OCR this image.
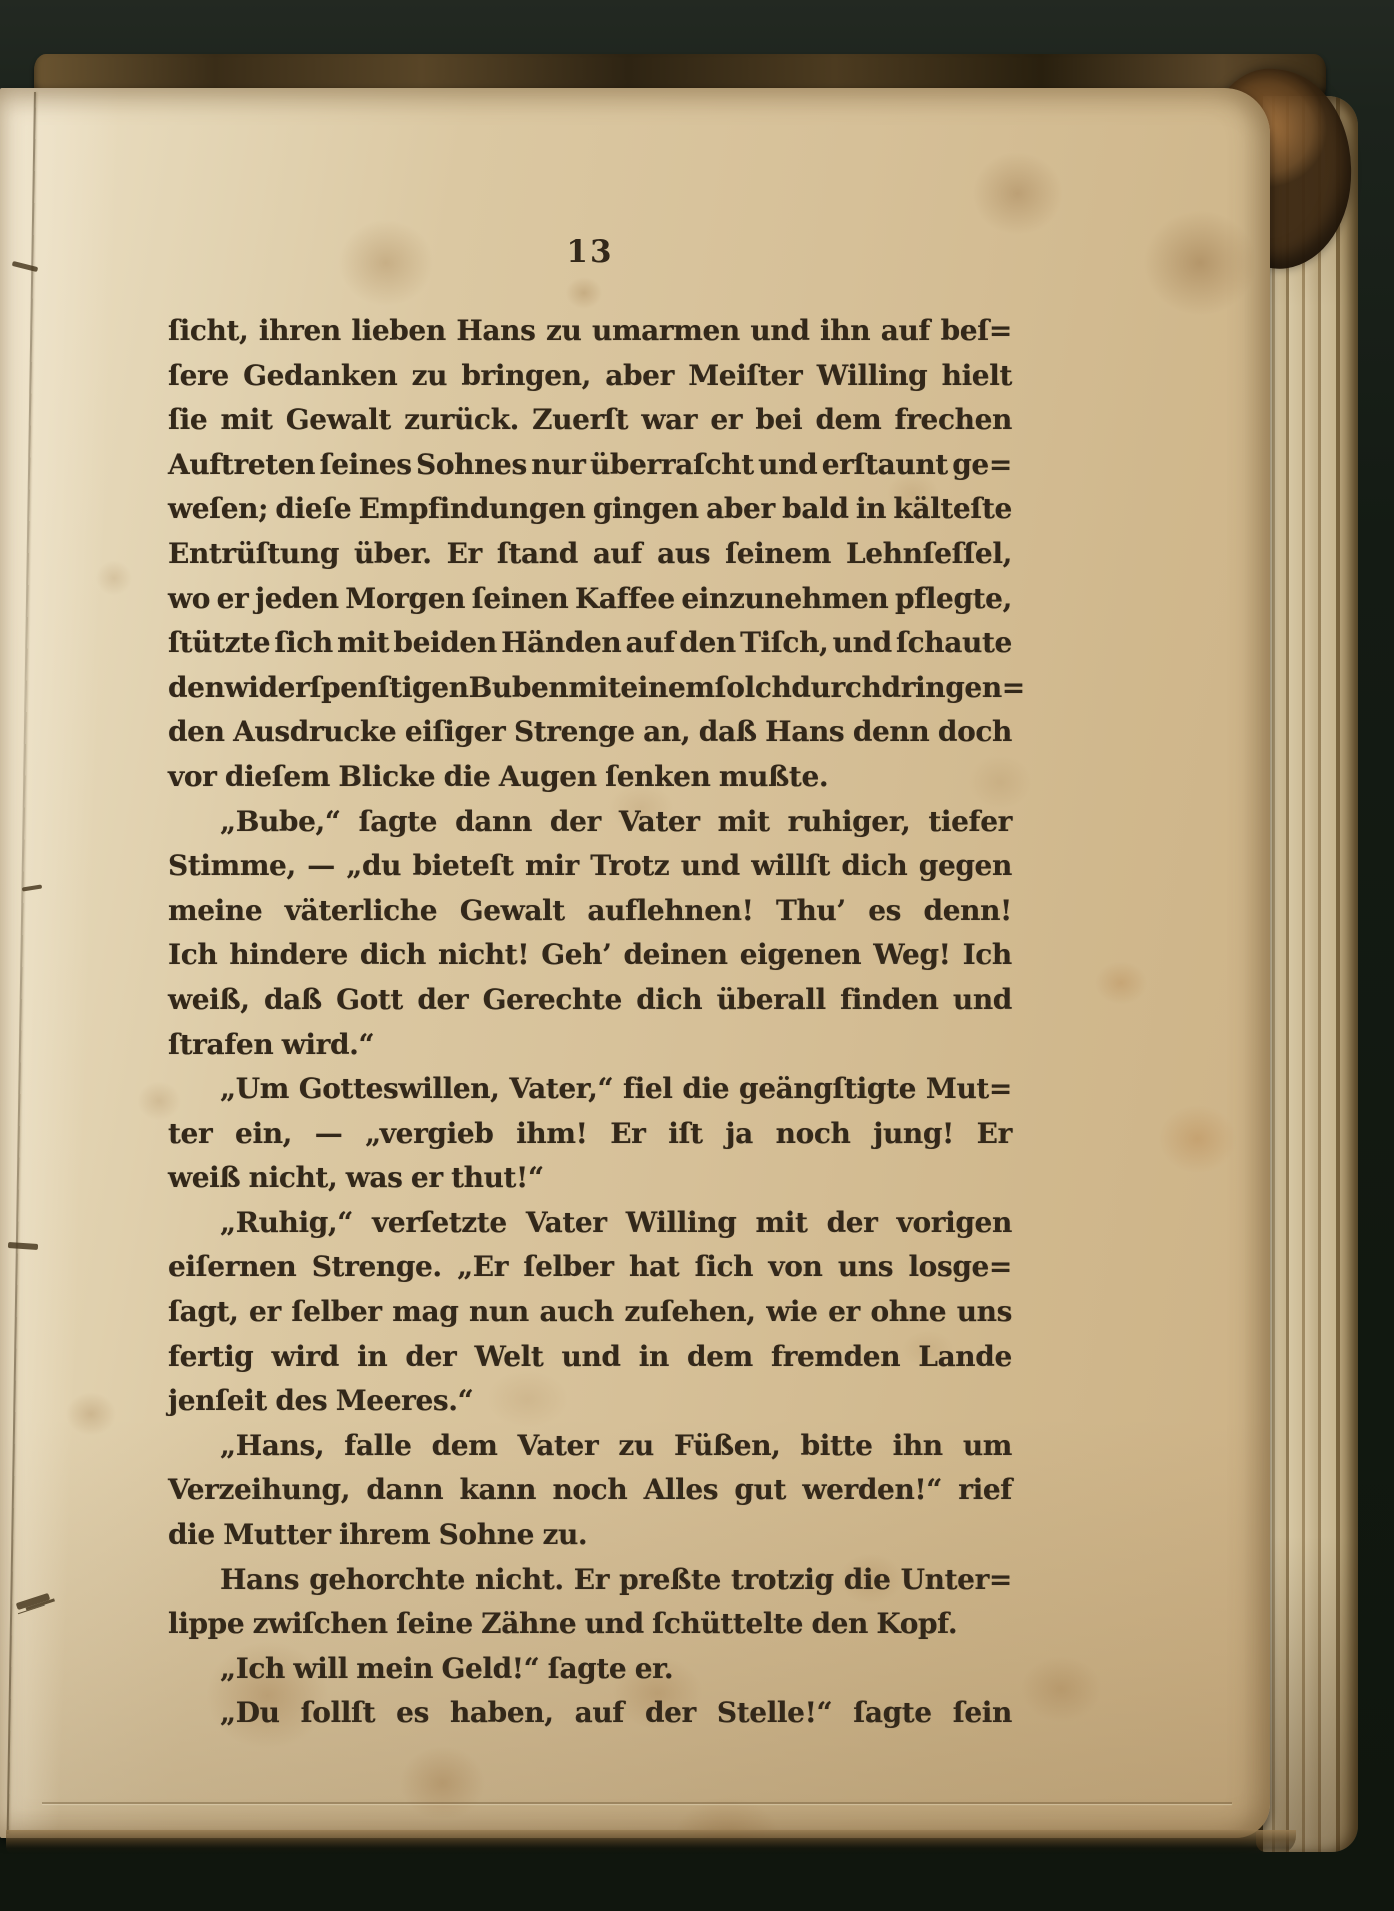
13
ſicht, ihren lieben Hans zu umarmen und ihn auf beſ=
ſere Gedanken zu bringen, aber Meiſter Willing hielt
ſie mit Gewalt zurück. Zuerſt war er bei dem frechen
Auftreten ſeines Sohnes nur überraſcht und erſtaunt ge=
weſen; dieſe Empfindungen gingen aber bald in kälteſte
Entrüſtung über. Er ſtand auf aus ſeinem Lehnſeſſel,
wo er jeden Morgen ſeinen Kaffee einzunehmen pflegte,
ſtützte ſich mit beiden Händen auf den Tiſch, und ſchaute
den widerſpenſtigen Buben mit einem ſolch durchdringen=
den Ausdrucke eiſiger Strenge an, daß Hans denn doch
vor dieſem Blicke die Augen ſenken mußte.
„Bube,“ ſagte dann der Vater mit ruhiger, tiefer
Stimme, — „du bieteſt mir Trotz und willſt dich gegen
meine väterliche Gewalt auflehnen! Thu’ es denn!
Ich hindere dich nicht! Geh’ deinen eigenen Weg! Ich
weiß, daß Gott der Gerechte dich überall finden und
ſtrafen wird.“
„Um Gotteswillen, Vater,“ fiel die geängſtigte Mut=
ter ein, — „vergieb ihm! Er iſt ja noch jung! Er
weiß nicht, was er thut!“
„Ruhig,“ verſetzte Vater Willing mit der vorigen
eiſernen Strenge. „Er ſelber hat ſich von uns losge=
ſagt, er ſelber mag nun auch zuſehen, wie er ohne uns
fertig wird in der Welt und in dem fremden Lande
jenſeit des Meeres.“
„Hans, falle dem Vater zu Füßen, bitte ihn um
Verzeihung, dann kann noch Alles gut werden!“ rief
die Mutter ihrem Sohne zu.
Hans gehorchte nicht. Er preßte trotzig die Unter=
lippe zwiſchen ſeine Zähne und ſchüttelte den Kopf.
„Ich will mein Geld!“ ſagte er.
„Du ſollſt es haben, auf der Stelle!“ ſagte ſein
